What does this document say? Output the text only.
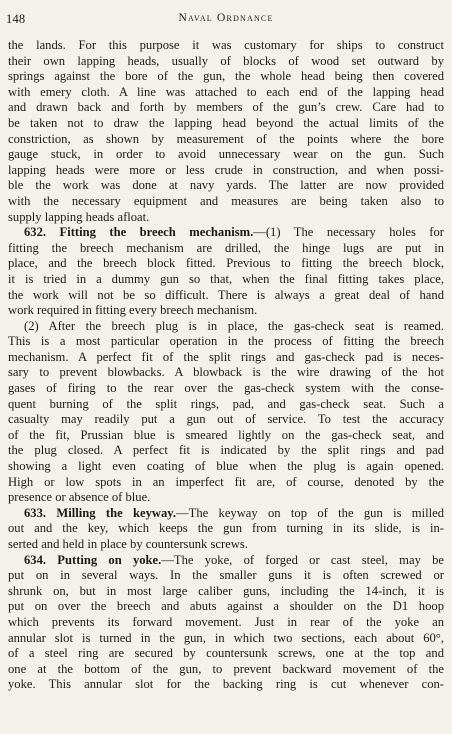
148	Naval Ordnance
the lands. For this purpose it was customary for ships to construct
their own lapping heads, usually of blocks of wood set outward by
springs against the bore of the gun, the whole head being then covered
with emery cloth. A line was attached to each end of the lapping head
and drawn back and forth by members of the gun’s crew. Care had to
be taken not to draw the lapping head beyond the actual limits of the
constriction, as shown by measurement of the points where the bore
gauge stuck, in order to avoid unnecessary wear on the gun. Such
lapping heads were more or less crude in construction, and when possi-
ble the work was done at navy yards. The latter are now provided
with the necessary equipment and measures are being taken also to
supply lapping heads afloat.
632. Fitting the breech mechanism.—(1) The necessary holes for
fitting the breech mechanism are drilled, the hinge lugs are put in
place, and the breech block fitted. Previous to fitting the breech block,
it is tried in a dummy gun so that, when the final fitting takes place,
the work will not be so difficult. There is always a great deal of hand
work required in fitting every breech mechanism.
(2) After the breech plug is in place, the gas-check seat is reamed.
This is a most particular operation in the process of fitting the breech
mechanism. A perfect fit of the split rings and gas-check pad is neces-
sary to prevent blowbacks. A blowback is the wire drawing of the hot
gases of firing to the rear over the gas-check system with the conse-
quent burning of the split rings, pad, and gas-check seat. Such a
casualty may readily put a gun out of service. To test the accuracy
of the fit, Prussian blue is smeared lightly on the gas-check seat, and
the plug closed. A perfect fit is indicated by the split rings and pad
showing a light even coating of blue when the plug is again opened.
High or low spots in an imperfect fit are, of course, denoted by the
presence or absence of blue.
633. Milling the keyway.—The keyway on top of the gun is milled
out and the key, which keeps the gun from turning in its slide, is in-
serted and held in place by countersunk screws.
634. Putting on yoke.—The yoke, of forged or cast steel, may be
put on in several ways. In the smaller guns it is often screwed or
shrunk on, but in most large caliber guns, including the 14-inch, it is
put on over the breech and abuts against a shoulder on the D1 hoop
which prevents its forward movement. Just in rear of the yoke an
annular slot is turned in the gun, in which two sections, each about 60°,
of a steel ring are secured by countersunk screws, one at the top and
one at the bottom of the gun, to prevent backward movement of the
yoke. This annular slot for the backing ring is cut whenever con-
